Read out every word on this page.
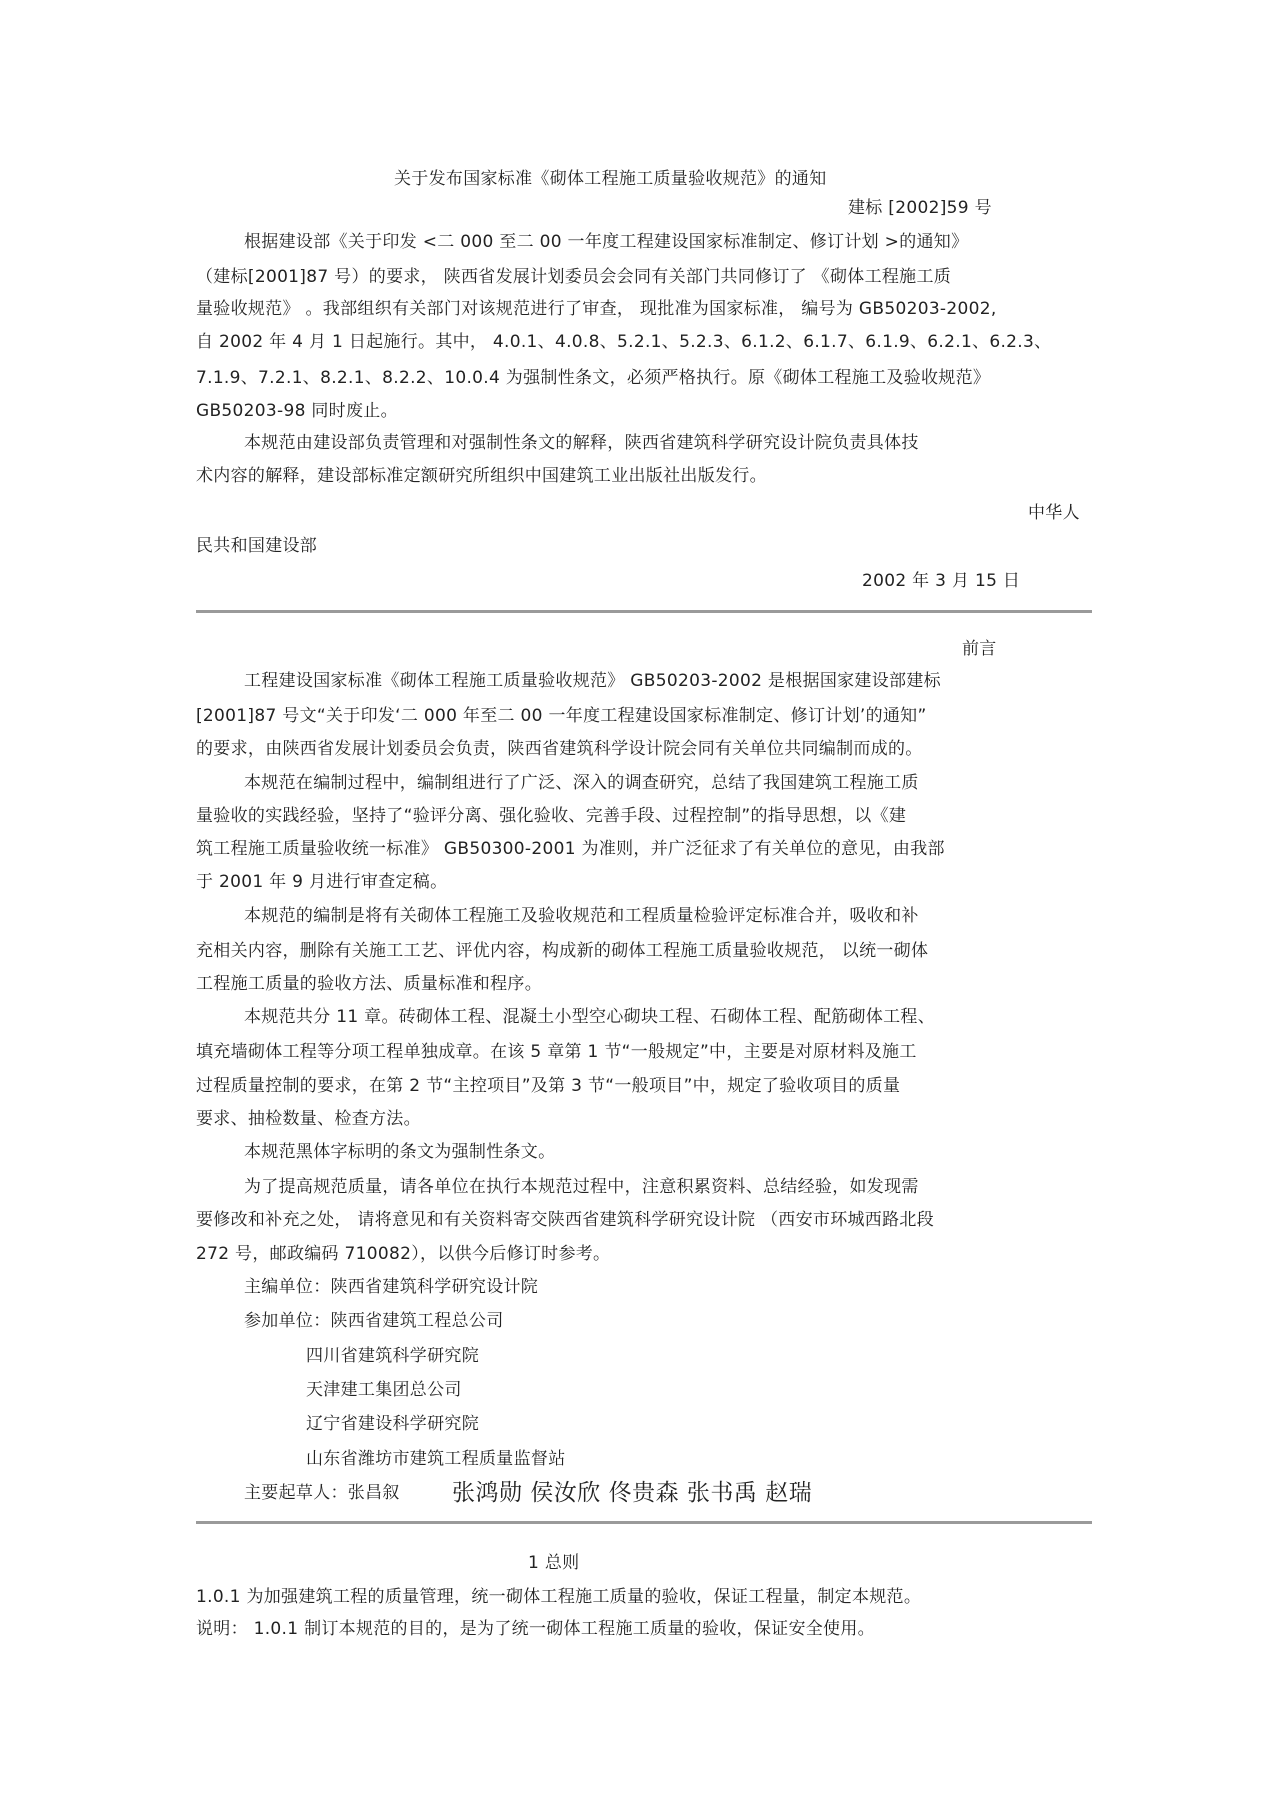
关于发布国家标准《砌体工程施工质量验收规范》的通知
建标 [2002]59 号
根据建设部《关于印发 <二 000 至二 00 一年度工程建设国家标准制定、修订计划 >的通知》
（建标[2001]87 号）的要求， 陕西省发展计划委员会会同有关部门共同修订了 《砌体工程施工质
量验收规范》 。我部组织有关部门对该规范进行了审查， 现批准为国家标准， 编号为 GB50203-2002,
自 2002 年 4 月 1 日起施行。其中， 4.0.1、4.0.8、5.2.1、5.2.3、6.1.2、6.1.7、6.1.9、6.2.1、6.2.3、
7.1.9、7.2.1、8.2.1、8.2.2、10.0.4 为强制性条文，必须严格执行。原《砌体工程施工及验收规范》
GB50203-98 同时废止。
本规范由建设部负责管理和对强制性条文的解释，陕西省建筑科学研究设计院负责具体技
术内容的解释，建设部标准定额研究所组织中国建筑工业出版社出版发行。
中华人
民共和国建设部
2002 年 3 月 15 日
前言
工程建设国家标准《砌体工程施工质量验收规范》 GB50203-2002 是根据国家建设部建标
[2001]87 号文“关于印发‘二 000 年至二 00 一年度工程建设国家标准制定、修订计划’的通知”
的要求，由陕西省发展计划委员会负责，陕西省建筑科学设计院会同有关单位共同编制而成的。
本规范在编制过程中，编制组进行了广泛、深入的调查研究，总结了我国建筑工程施工质
量验收的实践经验，坚持了“验评分离、强化验收、完善手段、过程控制”的指导思想，以《建
筑工程施工质量验收统一标准》 GB50300-2001 为准则，并广泛征求了有关单位的意见，由我部
于 2001 年 9 月进行审查定稿。
本规范的编制是将有关砌体工程施工及验收规范和工程质量检验评定标准合并，吸收和补
充相关内容，删除有关施工工艺、评优内容，构成新的砌体工程施工质量验收规范， 以统一砌体
工程施工质量的验收方法、质量标准和程序。
本规范共分 11 章。砖砌体工程、混凝土小型空心砌块工程、石砌体工程、配筋砌体工程、
填充墙砌体工程等分项工程单独成章。在该 5 章第 1 节“一般规定”中，主要是对原材料及施工
过程质量控制的要求，在第 2 节“主控项目”及第 3 节“一般项目”中，规定了验收项目的质量
要求、抽检数量、检查方法。
本规范黑体字标明的条文为强制性条文。
为了提高规范质量，请各单位在执行本规范过程中，注意积累资料、总结经验，如发现需
要修改和补充之处， 请将意见和有关资料寄交陕西省建筑科学研究设计院 （西安市环城西路北段
272 号，邮政编码 710082），以供今后修订时参考。
主编单位：陕西省建筑科学研究设计院
参加单位：陕西省建筑工程总公司
四川省建筑科学研究院
天津建工集团总公司
辽宁省建设科学研究院
山东省潍坊市建筑工程质量监督站
主要起草人：张昌叙 张鸿勋 侯汝欣 佟贵森 张书禹 赵瑞
1 总则
1.0.1 为加强建筑工程的质量管理，统一砌体工程施工质量的验收，保证工程量，制定本规范。
说明： 1.0.1 制订本规范的目的，是为了统一砌体工程施工质量的验收，保证安全使用。
